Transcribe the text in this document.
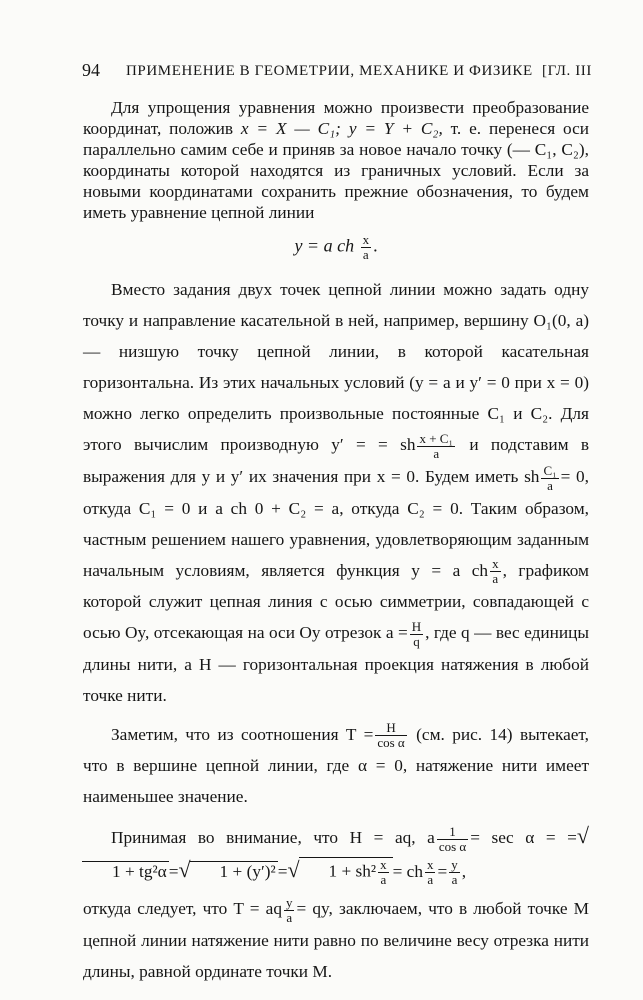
94 ПРИМЕНЕНИЕ В ГЕОМЕТРИИ, МЕХАНИКЕ И ФИЗИКЕ [ГЛ. III

Для упрощения уравнения можно произвести преобразование координат, положив x = X — C₁; y = Y + C₂, т. е. перенеся оси параллельно самим себе и приняв за новое начало точку (— C₁, C₂), координаты которой находятся из граничных условий. Если за новыми координатами сохранить прежние обозначения, то будем иметь уравнение цепной линии

y = a ch $\frac{x}{a}$ .

Вместо задания двух точек цепной линии можно задать одну точку и направление касательной в ней, например, вершину O₁(0, a) — низшую точку цепной линии, в которой касательная горизонтальна. Из этих начальных условий (y = a и y′ = 0 при x = 0) можно легко определить произвольные постоянные C₁ и C₂. Для этого вычислим производную y′ = = sh $\frac{\text{x + C₁}}{a}$ и подставим в выражения для y и y′ их значения при x = 0. Будем иметь sh $\frac{\text{C₁}}{a} = 0$, откуда C₁ = 0 и a ch 0 + C₂ = a, откуда C₂ = 0. Таким образом, частным решением нашего уравнения, удовлетворяющим заданным начальным условиям, является функция y = a ch $\frac{x}{a}$ , графиком которой служит цепная линия с осью симметрии, совпадающей с осью Oy, отсекающая на оси Oy отрезок $a = \frac{H}{q}$ , где q — вес единицы длины нити, а H — горизонтальная проекция натяжения в любой точке нити.

Заметим, что из соотношения $T = \frac{H}{\text{cos α}} (см$. рис. 14) вытекает, что в вершине цепной линии, где α = 0, натяжение нити имеет наименьшее значение.

Принимая во внимание, что H = aq, а $\frac{1}{\text{cos α}} = \sec \alpha = =√1 + tg^2\alpha$ =√ 1 + (y′)² =√ $1 + sh^2 \frac{x}{a}$ = ch $\frac{x}{a} = \frac{y}{a}$ ,

откуда следует, что T = aq $\frac{y}{a}$ = qy, заключаем, что в любой точке M цепной линии натяжение нити равно по величине весу отрезка нити длины, равной ординате точки M.
